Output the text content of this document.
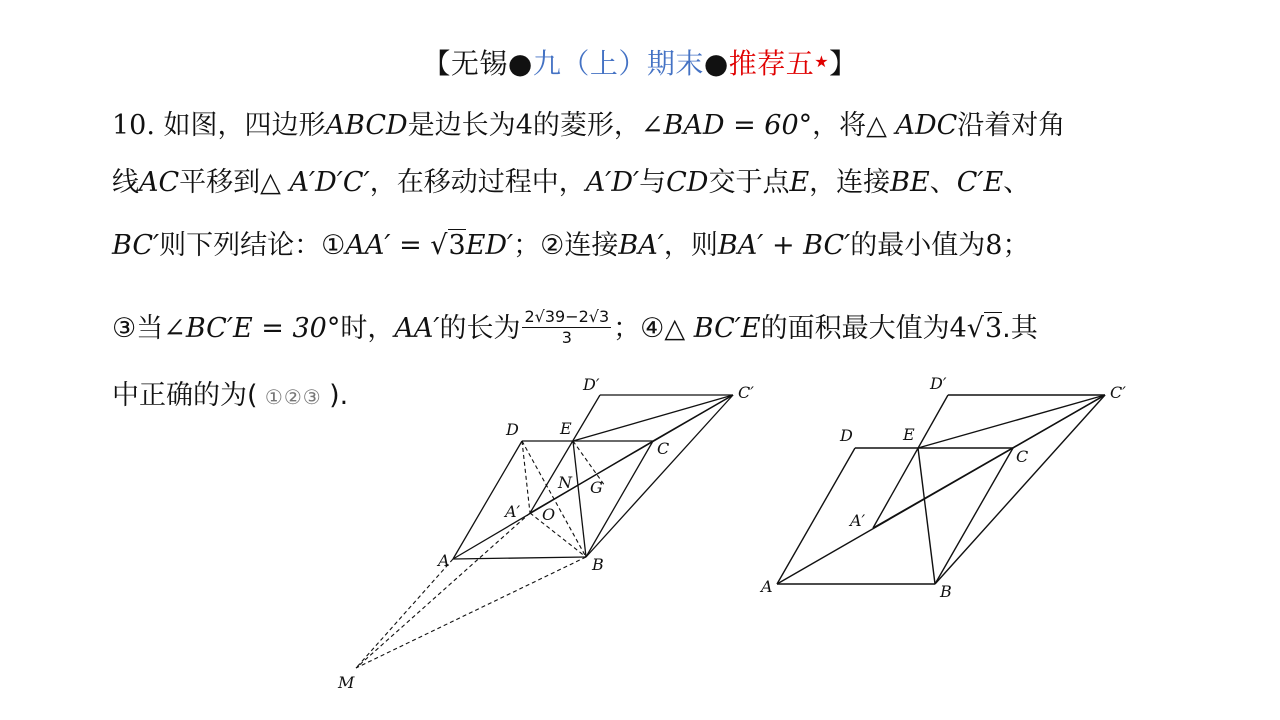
【无锡●九（上）期末●推荐五★】
10. 如图，四边形ABCD是边长为4的菱形，∠BAD = 60°，将△ ADC沿着对角
线AC平移到△ A′D′C′，在移动过程中，A′D′与CD交于点E，连接BE、C′E、
BC′则下列结论：①AA′ = √3ED′；②连接BA′，则BA′ + BC′的最小值为8；
③当∠BC′E = 30°时，AA′的长为 $\frac{2√39-2√3}{3}$ ；④△ BC′E的面积最大值为4√3.其
中正确的为( ①②③ ).
A	B
C
D
D′	C′
E
N G
A′ O
M
A	B
C
D
D′	C′
E
A′
